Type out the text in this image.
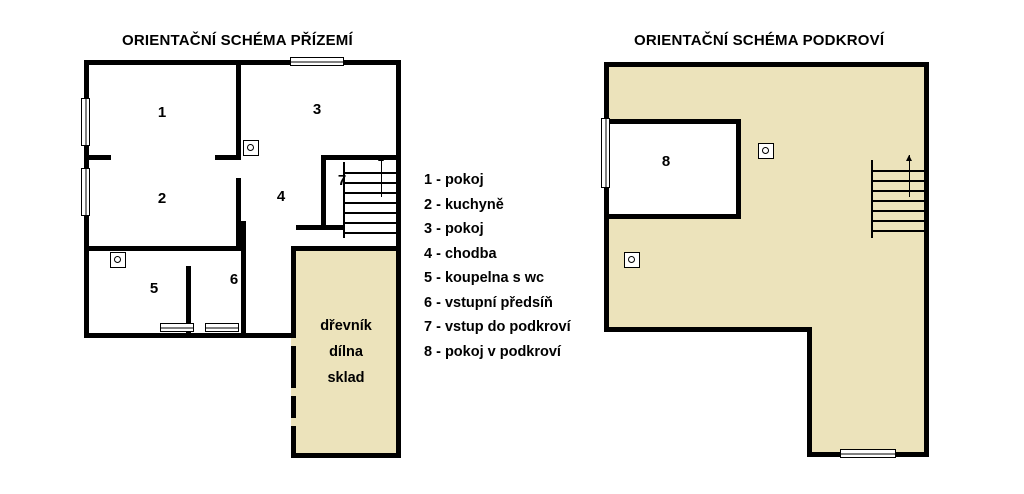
ORIENTAČNÍ SCHÉMA PŘÍZEMÍ	ORIENTAČNÍ SCHÉMA PODKROVÍ
1
2
3
4
5
6
7
dřevník
dílna
sklad
1 - pokoj
2 - kuchyně
3 - pokoj
4 - chodba
5 - koupelna s wc
6 - vstupní předsíň
7 - vstup do podkroví
8 - pokoj v podkroví
8
